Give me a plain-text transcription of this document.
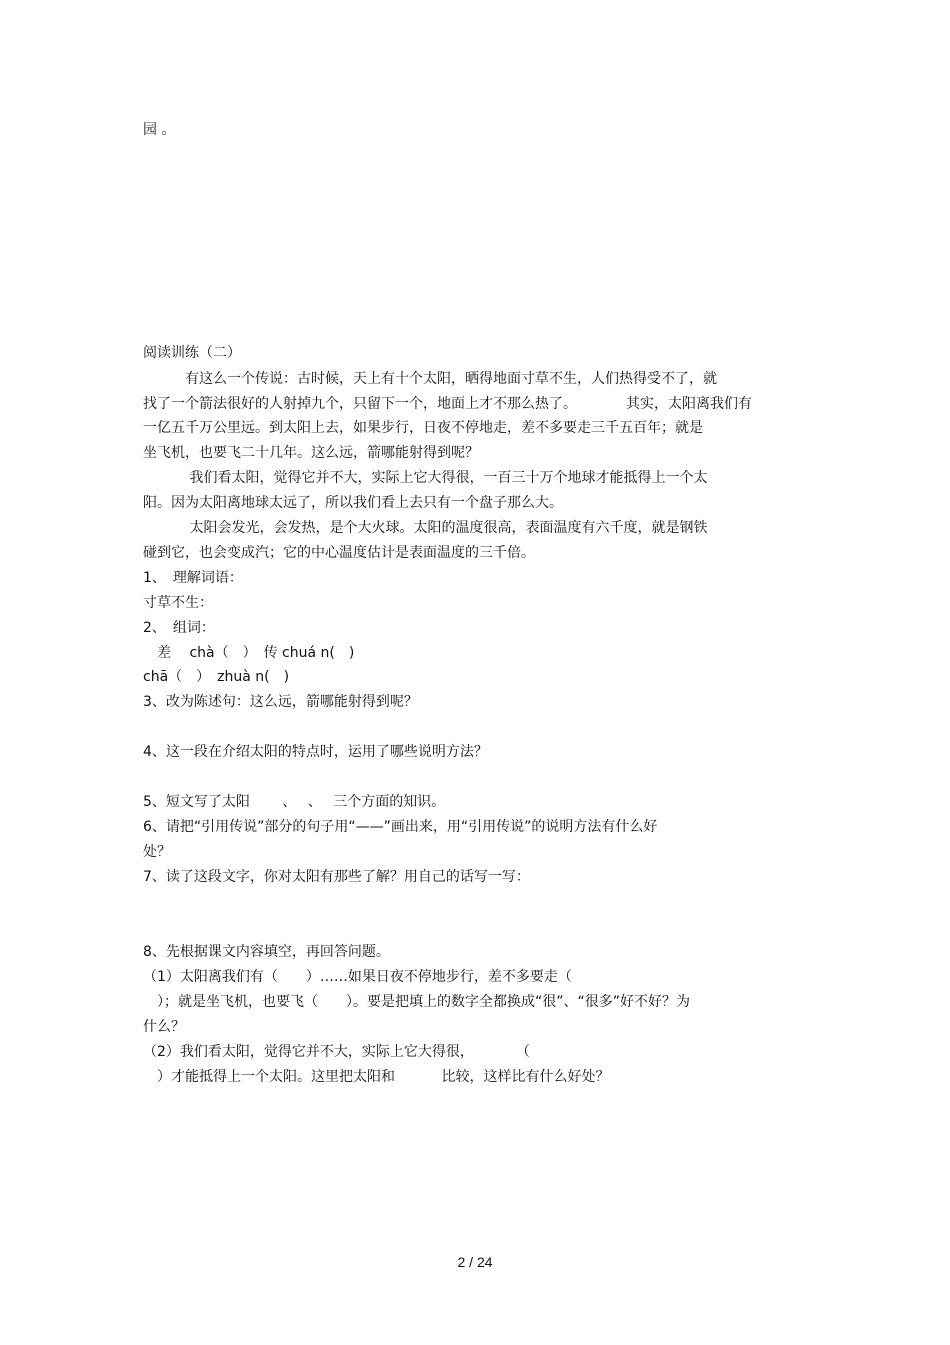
园 。
阅读训练（二）
　　　有这么一个传说：古时候，天上有十个太阳，晒得地面寸草不生，人们热得受不了，就
找了一个箭法很好的人射掉九个，只留下一个，地面上才不那么热了。　　　　其实，太阳离我们有
一亿五千万公里远。到太阳上去，如果步行，日夜不停地走，差不多要走三千五百年；就是
坐飞机，也要飞二十几年。这么远，箭哪能射得到呢？
　　　 我们看太阳，觉得它并不大，实际上它大得很，一百三十万个地球才能抵得上一个太
阳。因为太阳离地球太远了，所以我们看上去只有一个盘子那么大。
　　　 太阳会发光，会发热，是个大火球。太阳的温度很高，表面温度有六千度，就是钢铁
碰到它，也会变成汽；它的中心温度估计是表面温度的三千倍。
1、　理解词语：
寸草不生：
2、　组词：
　差　 chà（　）　传 chuá n(　)
chā（　）　zhuà n(　)
3、改为陈述句：这么远，箭哪能射得到呢？
4、这一段在介绍太阳的特点时，运用了哪些说明方法？
5、短文写了太阳　　 、　 、　 三个方面的知识。
6、请把“引用传说”部分的句子用“——”画出来，用“引用传说”的说明方法有什么好
处？
7、读了这段文字，你对太阳有那些了解？用自己的话写一写：
8、先根据课文内容填空，再回答问题。
（1）太阳离我们有（　　）……如果日夜不停地步行，差不多要走（
　）；就是坐飞机，也要飞（　　）。要是把填上的数字全都换成“很”、“很多”好不好？为
什么？
（2）我们看太阳，觉得它并不大，实际上它大得很，　　　　（
　）才能抵得上一个太阳。这里把太阳和　　　 比较，这样比有什么好处？
2 / 24
